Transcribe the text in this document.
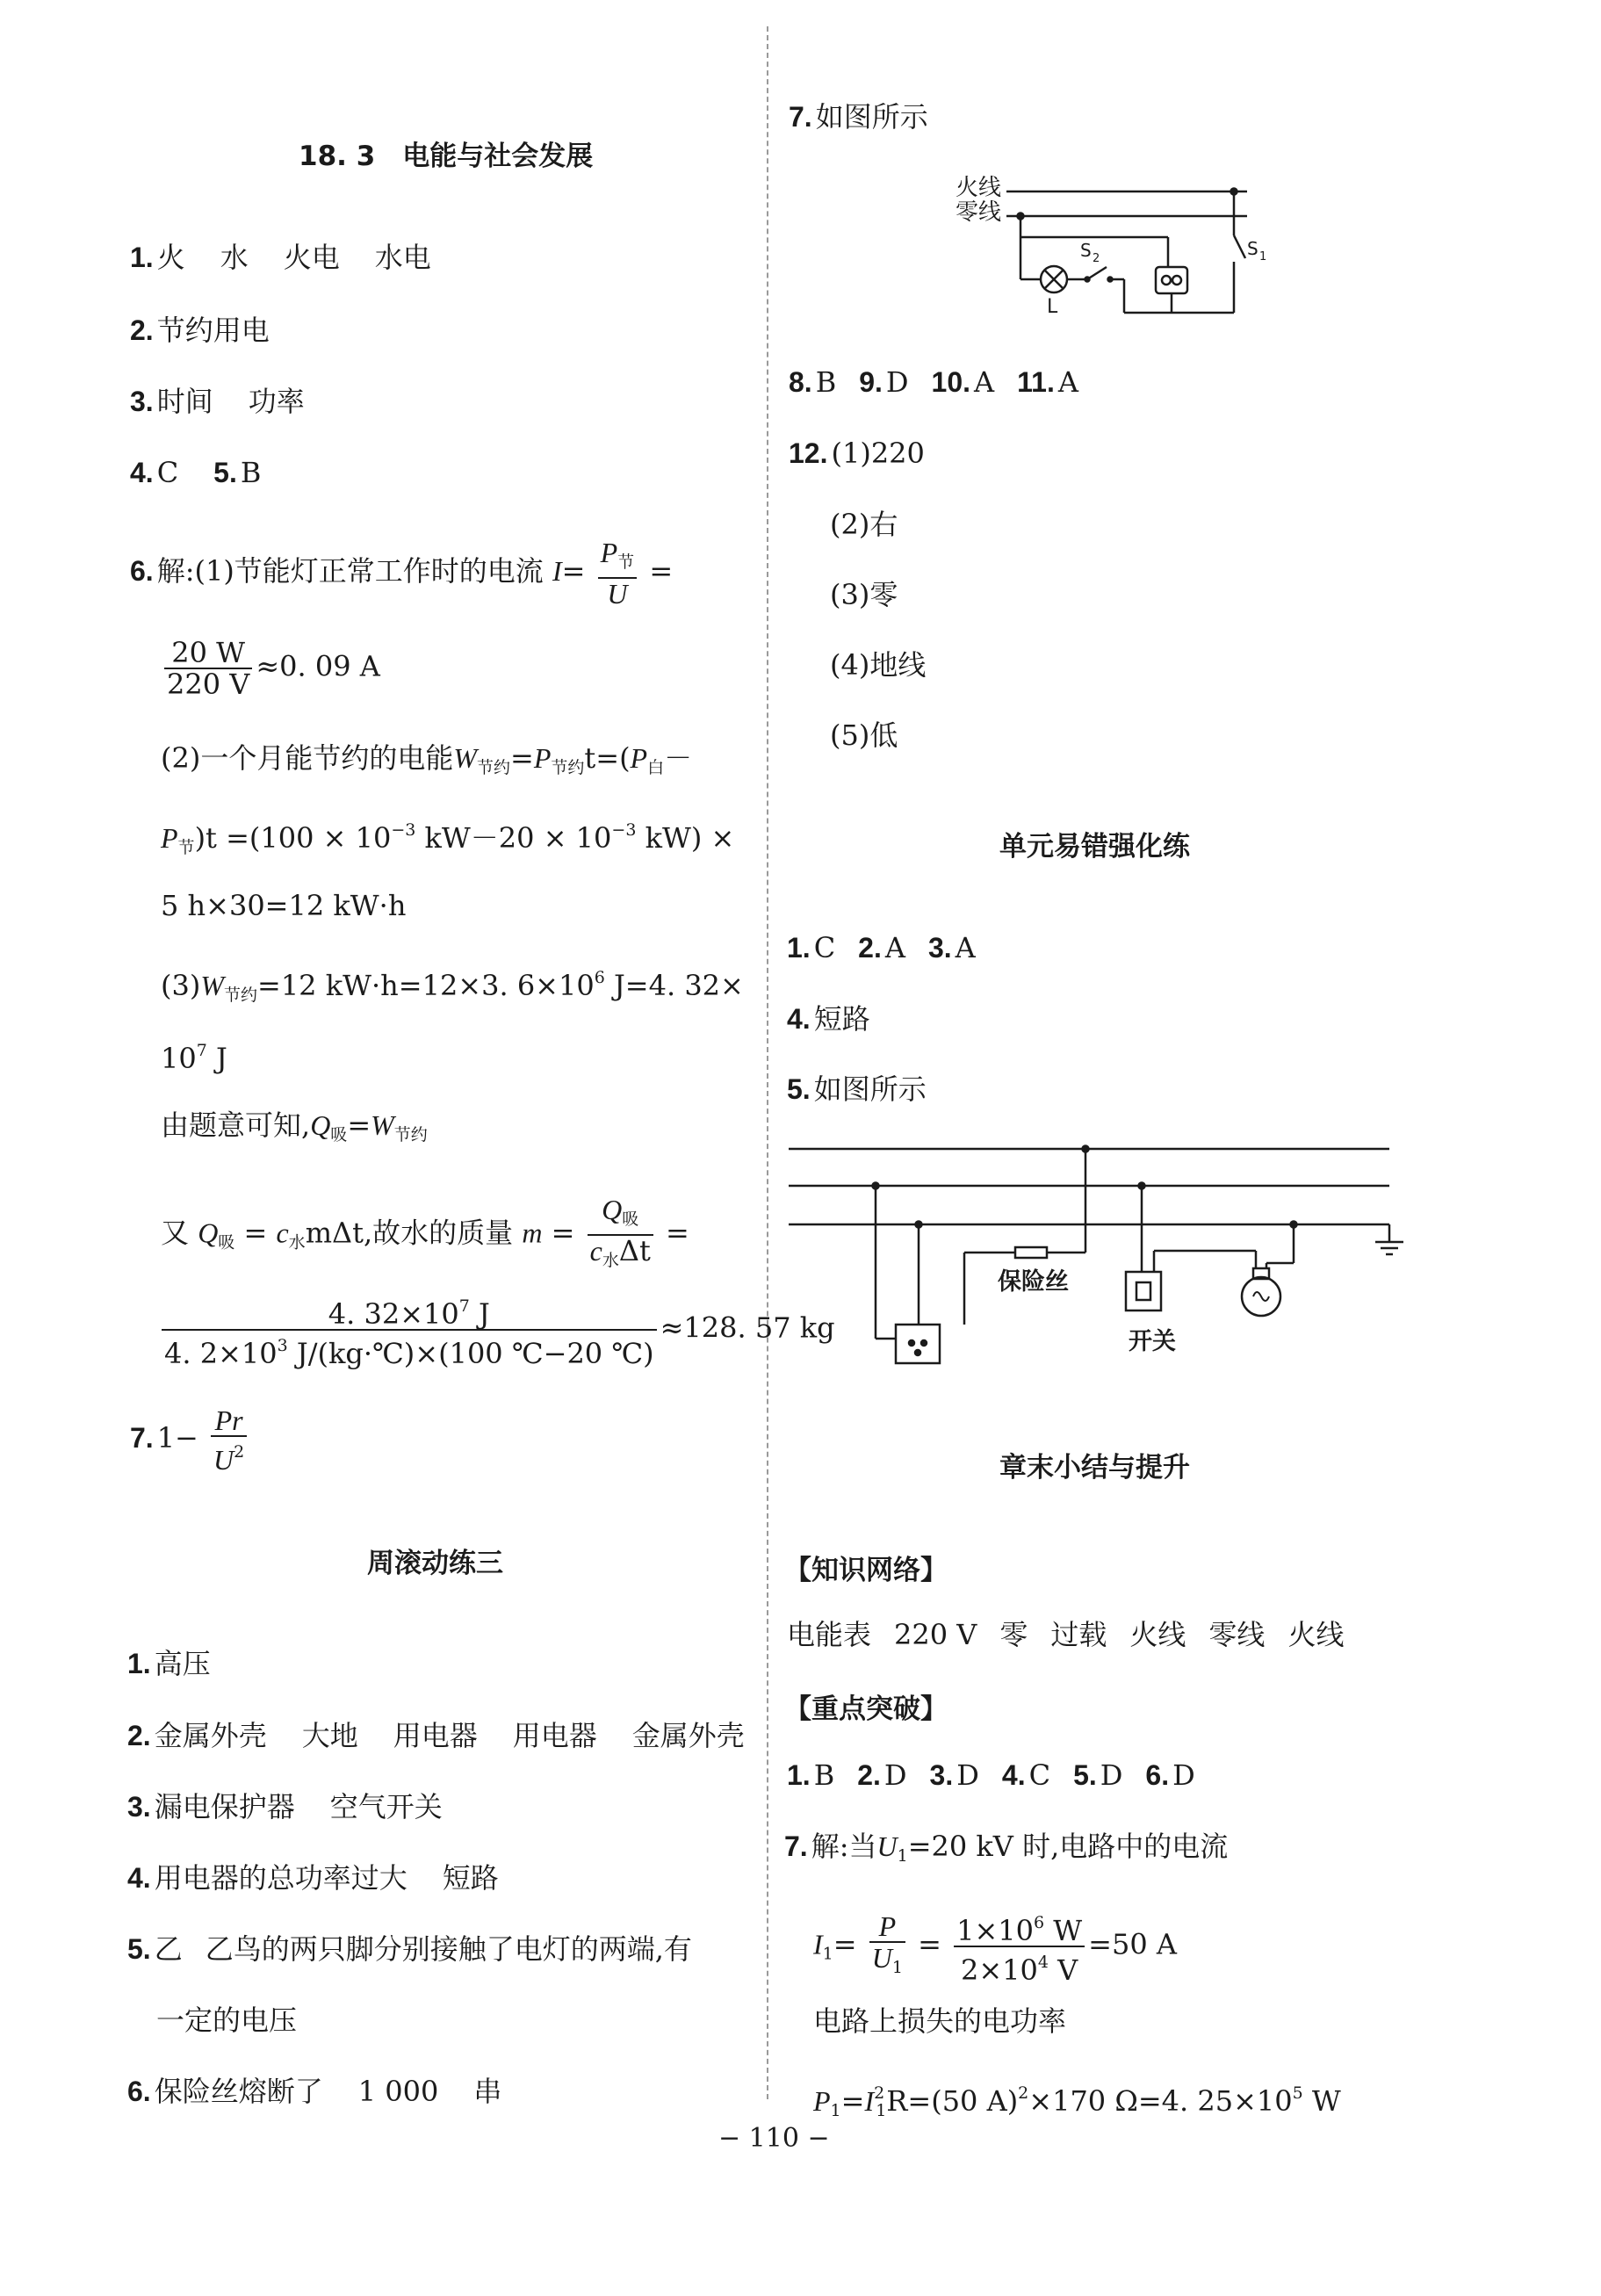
18. 3　电能与社会发展
1. 火 水 火电 水电
2. 节约用电
3. 时间 功率
4. C 5. B
6. 解:(1)节能灯正常工作时的电流 $I= \frac{P_节}{U}$ =
$\frac{20 W}{220 V} \approx 0$. 09 A
(2)一个月能节约的电能$W_{节约}=P_{节约}t=(P_白-$
$P_节)t =(100 \times 10^{-3}$ $kW-20 \times 10^{-3}$ kW) ×
5 h×30=12 kW·h
$(3)W_{节约}=12$ kW·h=12×3. $6\times 10^6$ J=4. 32×
$10^7$ J
由题意可知$,Q_吸=W_{节约}$
又 $Q_吸 = c_水m\Delta t$,故水的质量 $m = \frac{Q_吸}{c_水\Delta t}$ =
$\frac{4. 32\times 10^7 J}{4. 2\times 10^3 J/(kg\cdot℃)\times(100 ℃-20 ℃)} \approx 128$. 57 kg
7. $1- \frac{Pr}{U^2}$
周滚动练三
1. 高压
2. 金属外壳 大地 用电器 用电器 金属外壳
3. 漏电保护器 空气开关
4. 用电器的总功率过大 短路
5. 乙 乙鸟的两只脚分别接触了电灯的两端,有
一定的电压
6. 保险丝熔断了 1 000 串
7. 如图所示
火线
零线
S 1
L
S 2
8. B 9. D 10. A 11. A
12. (1)220
(2)右
(3)零
(4)地线
(5)低
单元易错强化练
1. C 2. A 3. A
4. 短路
5. 如图所示
保险丝
开关
章末小结与提升
【知识网络】
电能表 220 V 零 过载 火线 零线 火线
【重点突破】
1. B 2. D 3. D 4. C 5. D 6. D
7. 解:当$U_1=20$ kV 时,电路中的电流
$I_1= \frac{P}{U_1} = \frac{1\times 10^6 W}{2\times 10^4 V} =50$ A
电路上损失的电功率
$P_1=I^2_1R=(50$ A)$^2$×170 Ω=4. $25\times 10^5$ W
− 110 −
